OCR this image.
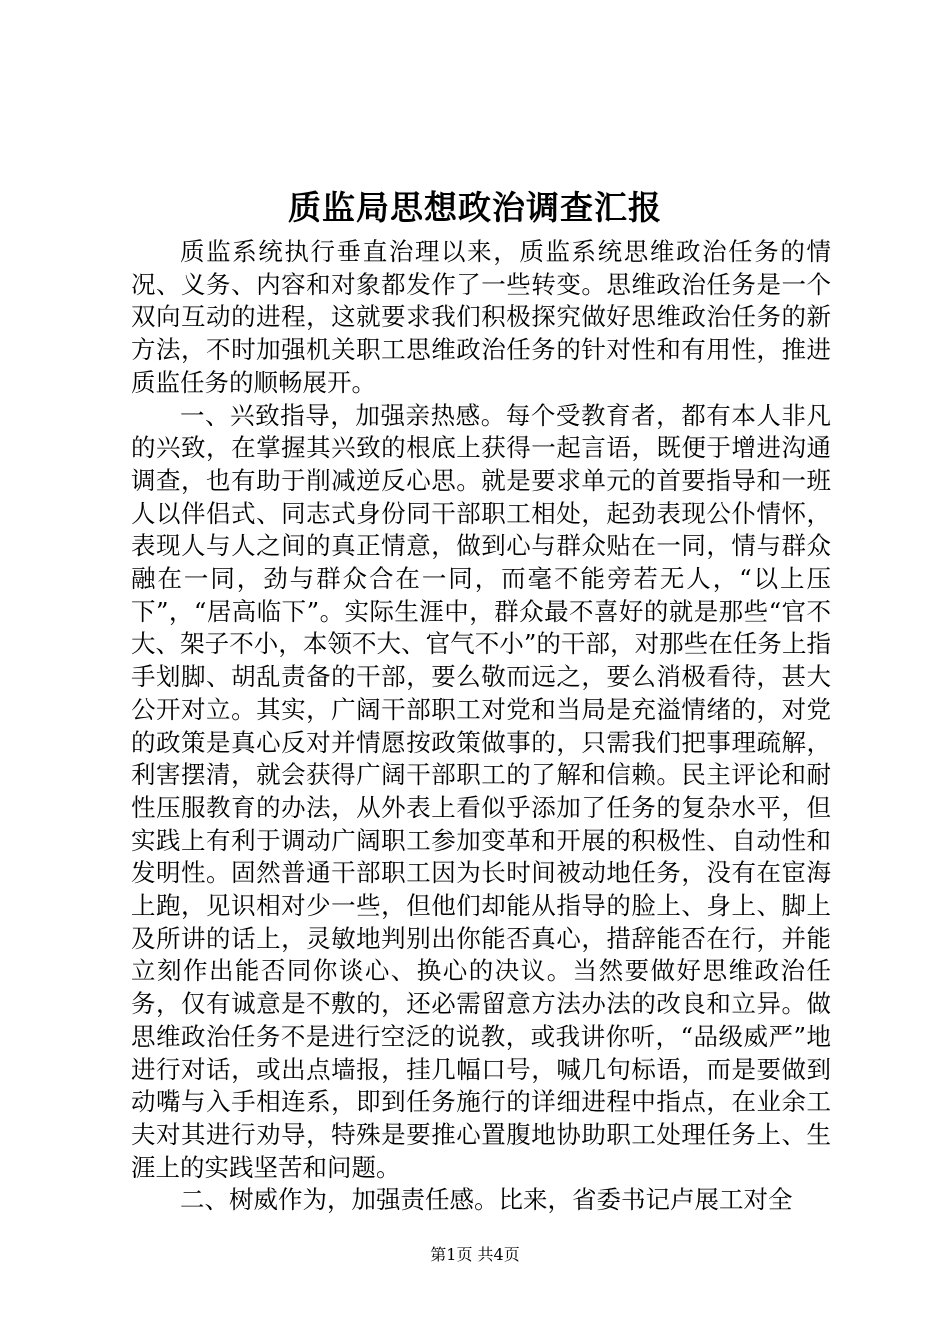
质监局思想政治调查汇报

质监系统执行垂直治理以来，质监系统思维政治任务的情况、义务、内容和对象都发作了一些转变。思维政治任务是一个双向互动的进程，这就要求我们积极探究做好思维政治任务的新方法，不时加强机关职工思维政治任务的针对性和有用性，推进质监任务的顺畅展开。

一、兴致指导，加强亲热感。每个受教育者，都有本人非凡的兴致，在掌握其兴致的根底上获得一起言语，既便于增进沟通调查，也有助于削减逆反心思。就是要求单元的首要指导和一班人以伴侣式、同志式身份同干部职工相处，起劲表现公仆情怀，表现人与人之间的真正情意，做到心与群众贴在一同，情与群众融在一同，劲与群众合在一同，而毫不能旁若无人，“以上压下”，“居高临下”。实际生涯中，群众最不喜好的就是那些“官不大、架子不小，本领不大、官气不小”的干部，对那些在任务上指手划脚、胡乱责备的干部，要么敬而远之，要么消极看待，甚大公开对立。其实，广阔干部职工对党和当局是充溢情绪的，对党的政策是真心反对并情愿按政策做事的，只需我们把事理疏解，利害摆清，就会获得广阔干部职工的了解和信赖。民主评论和耐性压服教育的办法，从外表上看似乎添加了任务的复杂水平，但实践上有利于调动广阔职工参加变革和开展的积极性、自动性和发明性。固然普通干部职工因为长时间被动地任务，没有在宦海上跑，见识相对少一些，但他们却能从指导的脸上、身上、脚上及所讲的话上，灵敏地判别出你能否真心，措辞能否在行，并能立刻作出能否同你谈心、换心的决议。当然要做好思维政治任务，仅有诚意是不敷的，还必需留意方法办法的改良和立异。做思维政治任务不是进行空泛的说教，或我讲你听，“品级威严”地进行对话，或出点墙报，挂几幅口号，喊几句标语，而是要做到动嘴与入手相连系，即到任务施行的详细进程中指点，在业余工夫对其进行劝导，特殊是要推心置腹地协助职工处理任务上、生涯上的实践坚苦和问题。

二、树威作为，加强责任感。比来，省委书记卢展工对全

第1页 共4页
